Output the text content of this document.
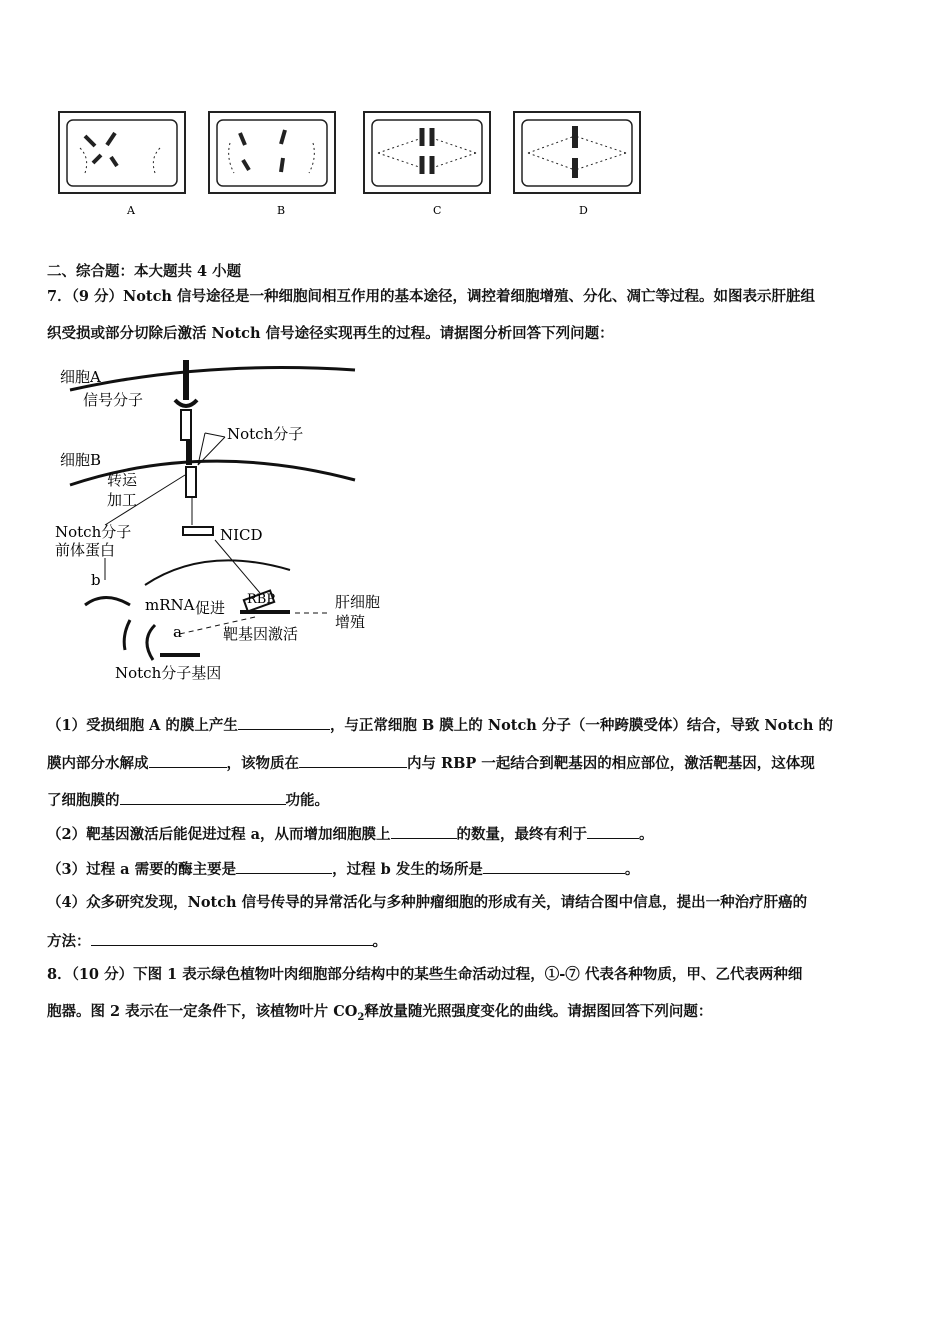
A	B	C	D
二、综合题：本大题共 4 小题
7．（9 分）Notch 信号途径是一种细胞间相互作用的基本途径，调控着细胞增殖、分化、凋亡等过程。如图表示肝脏组
织受损或部分切除后激活 Notch 信号途径实现再生的过程。请据图分析回答下列问题：
细胞A
信号分子
Notch分子
细胞B
转运
加工
Notch分子
前体蛋白
NICD
b
mRNA 促进 RBP	肝细胞
增殖
a	靶基因激活
Notch分子基因
（1）受损细胞 A 的膜上产生	，与正常细胞 B 膜上的 Notch 分子（一种跨膜受体）结合，导致 Notch 的
膜内部分水解成	，该物质在	内与 RBP 一起结合到靶基因的相应部位，激活靶基因，这体现
了细胞膜的	功能。
（2）靶基因激活后能促进过程 a，从而增加细胞膜上	的数量，最终有利于	。
（3）过程 a 需要的酶主要是	，过程 b 发生的场所是	。
（4）众多研究发现，Notch 信号传导的异常活化与多种肿瘤细胞的形成有关，请结合图中信息，提出一种治疗肝癌的
方法：	。
8．（10 分）下图 1 表示绿色植物叶肉细胞部分结构中的某些生命活动过程，①-⑦ 代表各种物质，甲、乙代表两种细
胞器。图 2 表示在一定条件下，该植物叶片 $CO_2$释放量随光照强度变化的曲线。请据图回答下列问题：
